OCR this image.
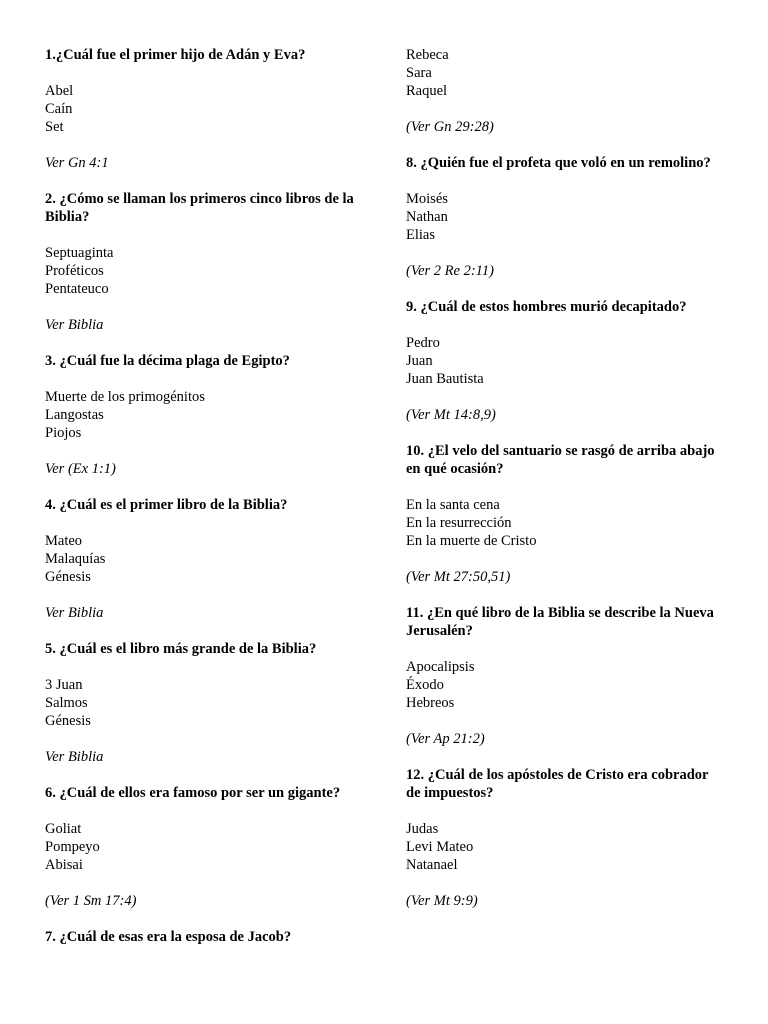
1.¿Cuál fue el primer hijo de Adán y Eva?
Abel
Caín
Set
Ver Gn 4:1
2. ¿Cómo se llaman los primeros cinco libros de la Biblia?
Septuaginta
Proféticos
Pentateuco
Ver Biblia
3. ¿Cuál fue la décima plaga de Egipto?
Muerte de los primogénitos
Langostas
Piojos
Ver (Ex 1:1)
4. ¿Cuál es el primer libro de la Biblia?
Mateo
Malaquías
Génesis
Ver Biblia
5. ¿Cuál es el libro más grande de la Biblia?
3 Juan
Salmos
Génesis
Ver Biblia
6. ¿Cuál de ellos era famoso por ser un gigante?
Goliat
Pompeyo
Abisai
(Ver 1 Sm 17:4)
7. ¿Cuál de esas era la esposa de Jacob?
Rebeca
Sara
Raquel
(Ver Gn 29:28)
8. ¿Quién fue el profeta que voló en un remolino?
Moisés
Nathan
Elias
(Ver 2 Re 2:11)
9. ¿Cuál de estos hombres murió decapitado?
Pedro
Juan
Juan Bautista
(Ver Mt 14:8,9)
10. ¿El velo del santuario se rasgó de arriba abajo en qué ocasión?
En la santa cena
En la resurrección
En la muerte de Cristo
(Ver Mt 27:50,51)
11. ¿En qué libro de la Biblia se describe la Nueva Jerusalén?
Apocalipsis
Éxodo
Hebreos
(Ver Ap 21:2)
12. ¿Cuál de los apóstoles de Cristo era cobrador de impuestos?
Judas
Levi Mateo
Natanael
(Ver Mt 9:9)
